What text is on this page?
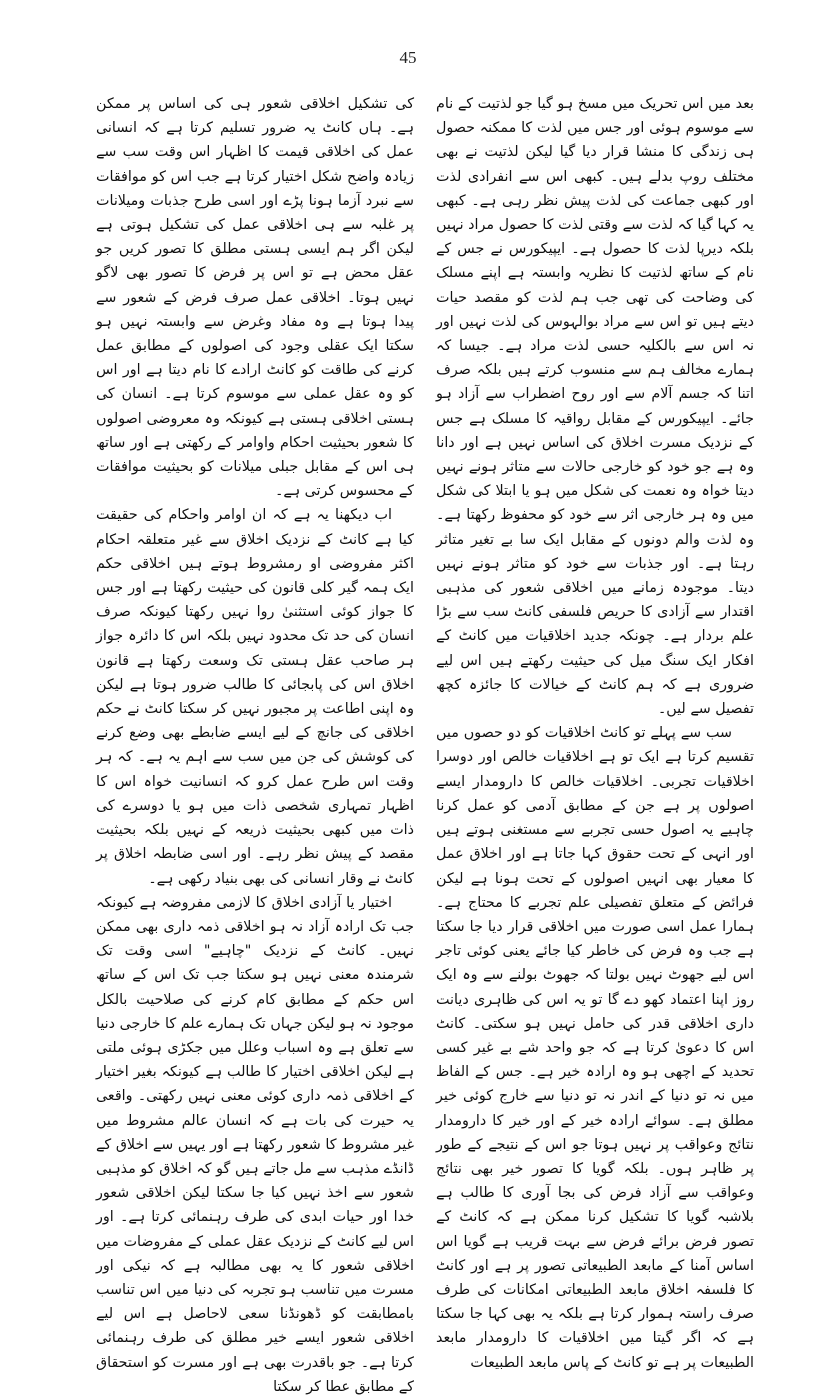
45

بعد میں اس تحریک میں مسخ ہو گیا جو لذتیت کے نام سے موسوم ہوئی اور جس میں لذت کا ممکنہ حصول ہی زندگی کا منشا قرار دیا گیا لیکن لذتیت نے بھی مختلف روپ بدلے ہیں۔ کبھی اس سے انفرادی لذت اور کبھی جماعت کی لذت پیش نظر رہی ہے۔ کبھی یہ کہا گیا کہ لذت سے وقتی لذت کا حصول مراد نہیں بلکہ دیرپا لذت کا حصول ہے۔ ایپیکورس نے جس کے نام کے ساتھ لذتیت کا نظریہ وابستہ ہے اپنے مسلک کی وضاحت کی تھی جب ہم لذت کو مقصد حیات دیتے ہیں تو اس سے مراد بوالہوس کی لذت نہیں اور نہ اس سے بالکلیہ حسی لذت مراد ہے۔ جیسا کہ ہمارے مخالف ہم سے منسوب کرتے ہیں بلکہ صرف اتنا کہ جسم آلام سے اور روح اضطراب سے آزاد ہو جائے۔ ایپیکورس کے مقابل رواقیہ کا مسلک ہے جس کے نزدیک مسرت اخلاق کی اساس نہیں ہے اور دانا وہ ہے جو خود کو خارجی حالات سے متاثر ہونے نہیں دیتا خواہ وہ نعمت کی شکل میں ہو یا ابتلا کی شکل میں وہ ہر خارجی اثر سے خود کو محفوظ رکھتا ہے۔ وہ لذت والم دونوں کے مقابل ایک سا بے تغیر متاثر رہتا ہے۔ اور جذبات سے خود کو متاثر ہونے نہیں دیتا۔ موجودہ زمانے میں اخلاقی شعور کی مذہبی اقتدار سے آزادی کا حریص فلسفی کانٹ سب سے بڑا علم بردار ہے۔ چونکہ جدید اخلاقیات میں کانٹ کے افکار ایک سنگ میل کی حیثیت رکھتے ہیں اس لیے ضروری ہے کہ ہم کانٹ کے خیالات کا جائزہ کچھ تفصیل سے لیں۔

سب سے پہلے تو کانٹ اخلاقیات کو دو حصوں میں تقسیم کرتا ہے ایک تو ہے اخلاقیات خالص اور دوسرا اخلاقیات تجربی۔ اخلاقیات خالص کا دارومدار ایسے اصولوں پر ہے جن کے مطابق آدمی کو عمل کرنا چاہیے یہ اصول حسی تجربے سے مستغنی ہوتے ہیں اور انہی کے تحت حقوق کہا جاتا ہے اور اخلاق عمل کا معیار بھی انہیں اصولوں کے تحت ہونا ہے لیکن فرائض کے متعلق تفصیلی علم تجربے کا محتاج ہے۔ ہمارا عمل اسی صورت میں اخلاقی قرار دیا جا سکتا ہے جب وہ فرض کی خاطر کیا جائے یعنی کوئی تاجر اس لیے جھوٹ نہیں بولتا کہ جھوٹ بولنے سے وہ ایک روز اپنا اعتماد کھو دے گا تو یہ اس کی ظاہری دیانت داری اخلاقی قدر کی حامل نہیں ہو سکتی۔ کانٹ اس کا دعویٰ کرتا ہے کہ جو واحد شے بے غیر کسی تحدید کے اچھی ہو وہ ارادہ خیر ہے۔ جس کے الفاظ میں نہ تو دنیا کے اندر نہ تو دنیا سے خارج کوئی خیر مطلق ہے۔ سوائے ارادہ خیر کے اور خیر کا دارومدار نتائج وعواقب پر نہیں ہوتا جو اس کے نتیجے کے طور پر ظاہر ہوں۔ بلکہ گویا کا تصور خیر بھی نتائج وعواقب سے آزاد فرض کی بجا آوری کا طالب ہے بلاشبہ گویا کا تشکیل کرنا ممکن ہے کہ کانٹ کے تصور فرض برائے فرض سے بہت قریب ہے گویا اس اساس آمنا کے مابعد الطبیعاتی تصور پر ہے اور کانٹ کا فلسفہ اخلاق مابعد الطبیعاتی امکانات کی طرف صرف راستہ ہموار کرتا ہے بلکہ یہ بھی کہا جا سکتا ہے کہ اگر گیتا میں اخلاقیات کا دارومدار مابعد الطبیعات پر ہے تو کانٹ کے پاس مابعد الطبیعات

کی تشکیل اخلاقی شعور ہی کی اساس پر ممکن ہے۔ ہاں کانٹ یہ ضرور تسلیم کرتا ہے کہ انسانی عمل کی اخلاقی قیمت کا اظہار اس وقت سب سے زیادہ واضح شکل اختیار کرتا ہے جب اس کو موافقات سے نبرد آزما ہونا پڑے اور اسی طرح جذبات ومیلانات پر غلبہ سے ہی اخلاقی عمل کی تشکیل ہوتی ہے لیکن اگر ہم ایسی ہستی مطلق کا تصور کریں جو عقل محض ہے تو اس پر فرض کا تصور بھی لاگو نہیں ہوتا۔ اخلاقی عمل صرف فرض کے شعور سے پیدا ہوتا ہے وہ مفاد وغرض سے وابستہ نہیں ہو سکتا ایک عقلی وجود کی اصولوں کے مطابق عمل کرنے کی طاقت کو کانٹ ارادے کا نام دیتا ہے اور اس کو وہ عقل عملی سے موسوم کرتا ہے۔ انسان کی ہستی اخلاقی ہستی ہے کیونکہ وہ معروضی اصولوں کا شعور بحیثیت احکام واوامر کے رکھتی ہے اور ساتھ ہی اس کے مقابل جبلی میلانات کو بحیثیت موافقات کے محسوس کرتی ہے۔

اب دیکھنا یہ ہے کہ ان اوامر واحکام کی حقیقت کیا ہے کانٹ کے نزدیک اخلاق سے غیر متعلقہ احکام اکثر مفروضی او رمشروط ہوتے ہیں اخلاقی حکم ایک ہمہ گیر کلی قانون کی حیثیت رکھتا ہے اور جس کا جواز کوئی استثنیٰ روا نہیں رکھتا کیونکہ صرف انسان کی حد تک محدود نہیں بلکہ اس کا دائرہ جواز ہر صاحب عقل ہستی تک وسعت رکھتا ہے قانون اخلاق اس کی پابجائی کا طالب ضرور ہوتا ہے لیکن وہ اپنی اطاعت پر مجبور نہیں کر سکتا کانٹ نے حکم اخلاقی کی جانچ کے لیے ایسے ضابطے بھی وضع کرنے کی کوشش کی جن میں سب سے اہم یہ ہے۔ کہ ہر وقت اس طرح عمل کرو کہ انسانیت خواہ اس کا اظہار تمہاری شخصی ذات میں ہو یا دوسرے کی ذات میں کبھی بحیثیت ذریعہ کے نہیں بلکہ بحیثیت مقصد کے پیش نظر رہے۔ اور اسی ضابطہ اخلاق پر کانٹ نے وقار انسانی کی بھی بنیاد رکھی ہے۔

اختیار یا آزادی اخلاق کا لازمی مفروضہ ہے کیونکہ جب تک ارادہ آزاد نہ ہو اخلاقی ذمہ داری بھی ممکن نہیں۔ کانٹ کے نزدیک "چاہیے" اسی وقت تک شرمندہ معنی نہیں ہو سکتا جب تک اس کے ساتھ اس حکم کے مطابق کام کرنے کی صلاحیت بالکل موجود نہ ہو لیکن جہاں تک ہمارے علم کا خارجی دنیا سے تعلق ہے وہ اسباب وعلل میں جکڑی ہوئی ملتی ہے لیکن اخلاقی اختیار کا طالب ہے کیونکہ بغیر اختیار کے اخلاقی ذمہ داری کوئی معنی نہیں رکھتی۔ واقعی یہ حیرت کی بات ہے کہ انسان عالم مشروط میں غیر مشروط کا شعور رکھتا ہے اور یہیں سے اخلاق کے ڈانڈے مذہب سے مل جاتے ہیں گو کہ اخلاق کو مذہبی شعور سے اخذ نہیں کیا جا سکتا لیکن اخلاقی شعور خدا اور حیات ابدی کی طرف رہنمائی کرتا ہے۔ اور اس لیے کانٹ کے نزدیک عقل عملی کے مفروضات میں اخلاقی شعور کا یہ بھی مطالبہ ہے کہ نیکی اور مسرت میں تناسب ہو تجربہ کی دنیا میں اس تناسب بامطابقت کو ڈھونڈنا سعی لاحاصل ہے اس لیے اخلاقی شعور ایسے خیر مطلق کی طرف رہنمائی کرتا ہے۔ جو باقدرت بھی ہے اور مسرت کو استحقاق کے مطابق عطا کر سکتا
